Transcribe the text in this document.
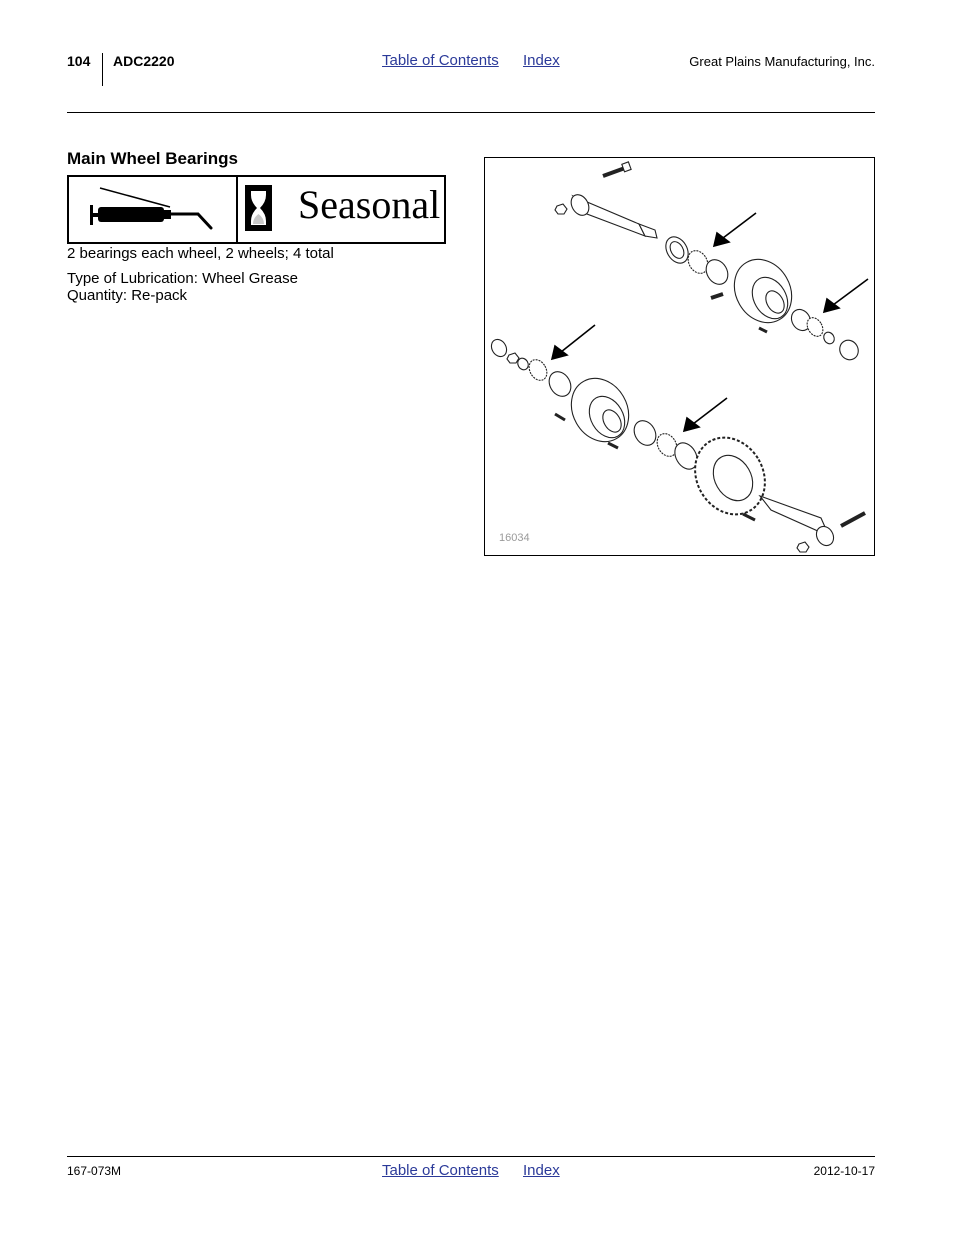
104 ADC2220	Table of Contents Index	Great Plains Manufacturing, Inc.
Main Wheel Bearings
Seasonal
2 bearings each wheel, 2 wheels; 4 total
Type of Lubrication: Wheel Grease
Quantity: Re-pack
16034
167-073M	Table of Contents Index	2012-10-17
